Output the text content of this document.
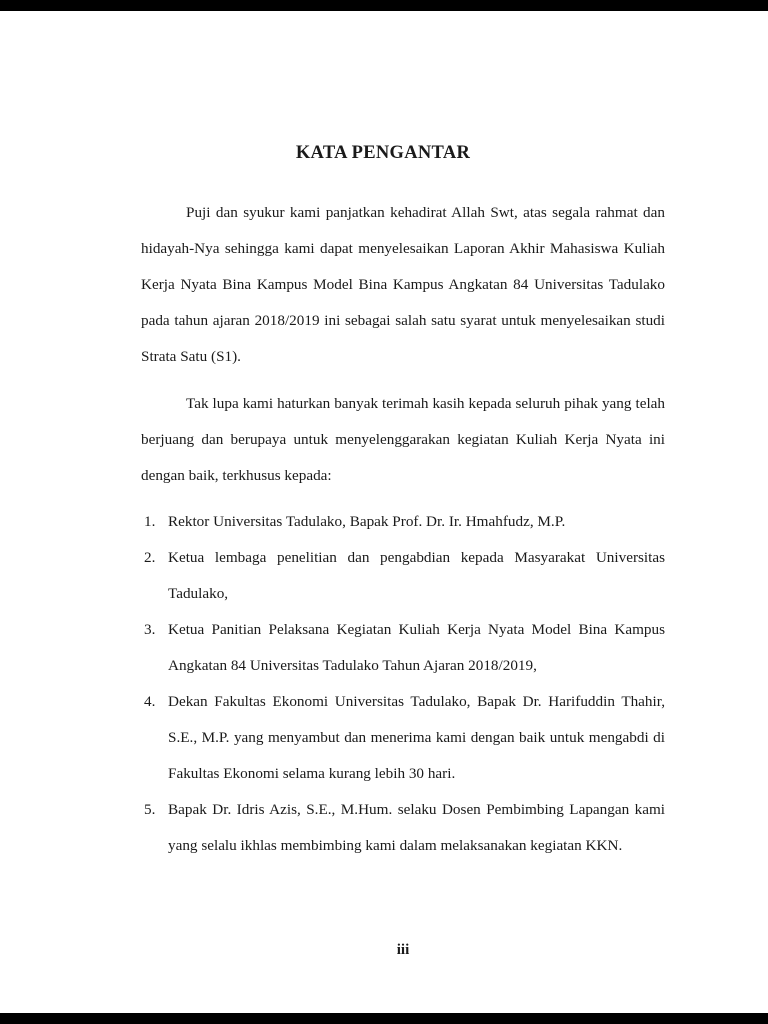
KATA PENGANTAR
Puji dan syukur kami panjatkan kehadirat Allah Swt, atas segala rahmat dan
hidayah-Nya sehingga kami dapat menyelesaikan Laporan Akhir Mahasiswa Kuliah
Kerja Nyata Bina Kampus Model Bina Kampus Angkatan 84 Universitas Tadulako
pada tahun ajaran 2018/2019 ini sebagai salah satu syarat untuk menyelesaikan studi
Strata Satu (S1).
Tak lupa kami haturkan banyak terimah kasih kepada seluruh pihak yang telah
berjuang dan berupaya untuk menyelenggarakan kegiatan Kuliah Kerja Nyata ini
dengan baik, terkhusus kepada:
1. Rektor Universitas Tadulako, Bapak Prof. Dr. Ir. Hmahfudz, M.P.
2. Ketua lembaga penelitian dan pengabdian kepada Masyarakat Universitas
Tadulako,
3. Ketua Panitian Pelaksana Kegiatan Kuliah Kerja Nyata Model Bina Kampus
Angkatan 84 Universitas Tadulako Tahun Ajaran 2018/2019,
4. Dekan Fakultas Ekonomi Universitas Tadulako, Bapak Dr. Harifuddin Thahir,
S.E., M.P. yang menyambut dan menerima kami dengan baik untuk mengabdi di
Fakultas Ekonomi selama kurang lebih 30 hari.
5. Bapak Dr. Idris Azis, S.E., M.Hum. selaku Dosen Pembimbing Lapangan kami
yang selalu ikhlas membimbing kami dalam melaksanakan kegiatan KKN.
iii
